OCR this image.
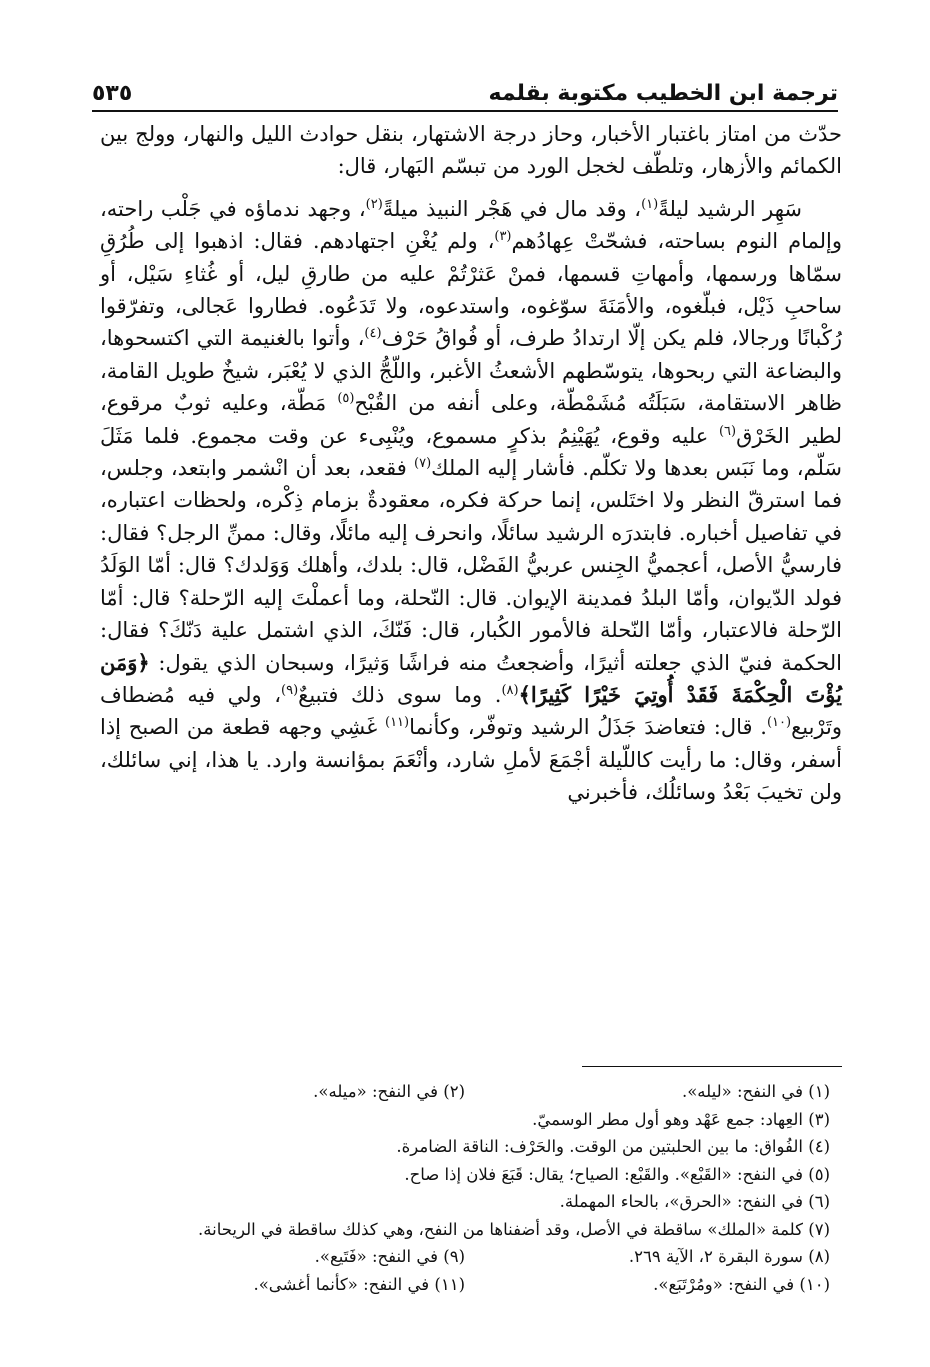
ترجمة ابن الخطيب مكتوبة بقلمه
٥٣٥

حدّث من امتاز باغتبار الأخبار، وحاز درجة الاشتهار، بنقل حوادث الليل والنهار، وولج بين الكمائم والأزهار، وتلطّف لخجل الورد من تبسّم البَهار، قال:

سَهِر الرشيد ليلةً$^{(١)}$، وقد مال في هَجْر النبيذ ميلةً$^{(٢)}$، وجهد ندماؤه في جَلْب راحته، وإلمام النوم بساحته، فشحّتْ عِهادُهم$^{(٣)}$، ولم يُغْنِ اجتهادهم. فقال: اذهبوا إلى طُرُقِ سمّاها ورسمها، وأمهاتِ قسمها، فمنْ عَثرْتُمْ عليه من طارقِ ليل، أو غُثاءِ سَيْل، أو ساحبِ ذَيْل، فبلّغوه، والأمَنَةَ سوّغوه، واستدعوه، ولا تَدَعُوه. فطاروا عَجالى، وتفرّقوا رُكْبانًا ورجالا، فلم يكن إلّا ارتدادُ طرف، أو فُواقُ حَرْف$^{(٤)}$، وأتوا بالغنيمة التي اكتسحوها، والبضاعة التي ربحوها، يتوسّطهم الأشعثُ الأغبر، واللّجُّ الذي لا يُعْبَر، شيخٌ طويل القامة، ظاهر الاستقامة، سَبَلَتُه مُشَمْطّة، وعلى أنفه من القُبْح$^{(٥)}$ مَطّة، وعليه ثوبٌ مرقوع، لطير الخَرْق$^{(٦)}$ عليه وقوع، يُهَيْنِمُ بذكرٍ مسموع، ويُنْبِىء عن وقت مجموع. فلما مَثَلَ سَلّم، وما نَبَس بعدها ولا تكلّم. فأشار إليه الملك$^{(٧)}$ فقعد، بعد أن انْشمر وابتعد، وجلس، فما استرقّ النظر ولا اختَلس، إنما حركة فكره، معقودةٌ بزمام ذِكْره، ولحظات اعتباره، في تفاصيل أخباره. فابتدرَه الرشيد سائلًا، وانحرف إليه مائلًا، وقال: ممنِّ الرجل؟ فقال: فارسيُّ الأصل، أعجميُّ الجِنس عربيُّ الفَضْل، قال: بلدك، وأهلك وَوَلدك؟ قال: أمّا الوَلَدُ فولد الدّيوان، وأمّا البلدُ فمدينة الإيوان. قال: النّحلة، وما أعملْتَ إليه الرّحلة؟ قال: أمّا الرّحلة فالاعتبار، وأمّا النّحلة فالأمور الكُبار، قال: فَنّكَ، الذي اشتمل علية دَنّكَ؟ فقال: الحكمة فنيّ الذي جعلته أثيرًا، وأضجعتُ منه فراشًا وَثيرًا، وسبحان الذي يقول: ﴿وَمَن يُؤْتَ الْحِكْمَةَ فَقَدْ أُوتِيَ خَيْرًا كَثِيرًا﴾$^{(٨)}$. وما سوى ذلك فتبيعٌ$^{(٩)}$، ولي فيه مُضطاف وتَرْبيع$^{(١٠)}$. قال: فتعاضدَ جَذَلُ الرشيد وتوفّر، وكأنما$^{(١١)}$ غَشِي وجهه قطعة من الصبح إذا أسفر، وقال: ما رأيت كاللّيلة أجْمَعَ لأملِ شارد، وأنْعَمَ بمؤانسة وارد. يا هذا، إني سائلك، ولن تخيبَ بَعْدُ وسائلُك، فأخبرني

(١) في النفح: «ليله».
(٢) في النفح: «ميله».
(٣) العِهاد: جمع عَهْد وهو أول مطر الوسميّ.
(٤) الفُواق: ما بين الحلبتين من الوقت. والحَرْف: الناقة الضامرة.
(٥) في النفح: «القَبْع». والقَبْع: الصياح؛ يقال: قَبَعَ فلان إذا صاح.
(٦) في النفح: «الحرق»، بالحاء المهملة.
(٧) كلمة «الملك» ساقطة في الأصل، وقد أضفناها من النفح، وهي كذلك ساقطة في الريحانة.
(٨) سورة البقرة ٢، الآية ٢٦٩.
(٩) في النفح: «فَتَيع».
(١٠) في النفح: «ومُرْتَبَع».
(١١) في النفح: «كأنما أغشى».
